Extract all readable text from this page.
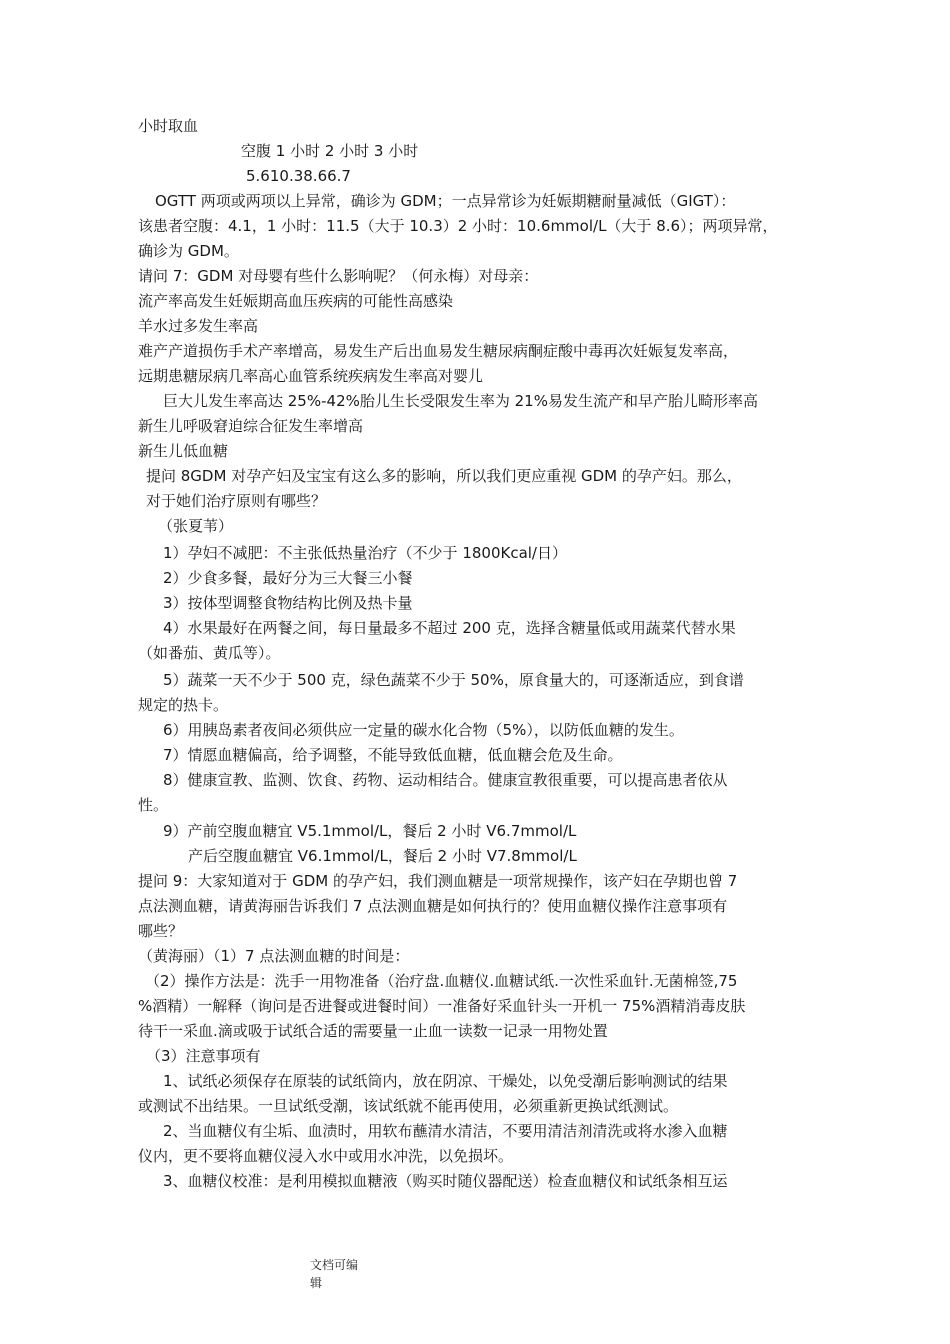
小时取血
空腹 1 小时 2 小时 3 小时
5.610.38.66.7
OGTT 两项或两项以上异常，确诊为 GDM；一点异常诊为妊娠期糖耐量减低（GIGT）：
该患者空腹：4.1，1 小时：11.5（大于 10.3）2 小时：10.6mmol/L（大于 8.6）；两项异常，
确诊为 GDM。
请问 7：GDM 对母婴有些什么影响呢？（何永梅）对母亲：
流产率高发生妊娠期高血压疾病的可能性高感染
羊水过多发生率高
难产产道损伤手术产率增高，易发生产后出血易发生糖尿病酮症酸中毒再次妊娠复发率高，
远期患糖尿病几率高心血管系统疾病发生率高对婴儿
巨大儿发生率高达 25%-42%胎儿生长受限发生率为 21%易发生流产和早产胎儿畸形率高
新生儿呼吸窘迫综合征发生率增高
新生儿低血糖
提问 8GDM 对孕产妇及宝宝有这么多的影响，所以我们更应重视 GDM 的孕产妇。那么，
对于她们治疗原则有哪些？
（张夏苇）
1）孕妇不减肥：不主张低热量治疗（不少于 1800Kcal/日）
2）少食多餐，最好分为三大餐三小餐
3）按体型调整食物结构比例及热卡量
4）水果最好在两餐之间，每日量最多不超过 200 克，选择含糖量低或用蔬菜代替水果
（如番茄、黄瓜等）。
5）蔬菜一天不少于 500 克，绿色蔬菜不少于 50%，原食量大的，可逐渐适应，到食谱
规定的热卡。
6）用胰岛素者夜间必须供应一定量的碳水化合物（5%），以防低血糖的发生。
7）情愿血糖偏高，给予调整，不能导致低血糖，低血糖会危及生命。
8）健康宣教、监测、饮食、药物、运动相结合。健康宣教很重要，可以提高患者依从
性。
9）产前空腹血糖宜 V5.1mmol/L，餐后 2 小时 V6.7mmol/L
产后空腹血糖宜 V6.1mmol/L，餐后 2 小时 V7.8mmol/L
提问 9：大家知道对于 GDM 的孕产妇，我们测血糖是一项常规操作，该产妇在孕期也曾 7
点法测血糖，请黄海丽告诉我们 7 点法测血糖是如何执行的？使用血糖仪操作注意事项有
哪些？
（黄海丽）（1）7 点法测血糖的时间是：
（2）操作方法是：洗手一用物准备（治疗盘.血糖仪.血糖试纸.一次性采血针.无菌棉签,75
%酒精）一解释（询问是否进餐或进餐时间）一准备好采血针头一开机一 75%酒精消毒皮肤
待干一采血.滴或吸于试纸合适的需要量一止血一读数一记录一用物处置
（3）注意事项有
1、试纸必须保存在原装的试纸筒内，放在阴凉、干燥处，以免受潮后影响测试的结果
或测试不出结果。一旦试纸受潮，该试纸就不能再使用，必须重新更换试纸测试。
2、当血糖仪有尘垢、血渍时，用软布蘸清水清洁，不要用清洁剂清洗或将水渗入血糖
仪内，更不要将血糖仪浸入水中或用水冲洗，以免损坏。
3、血糖仪校准：是利用模拟血糖液（购买时随仪器配送）检查血糖仪和试纸条相互运
文档可编
辑
